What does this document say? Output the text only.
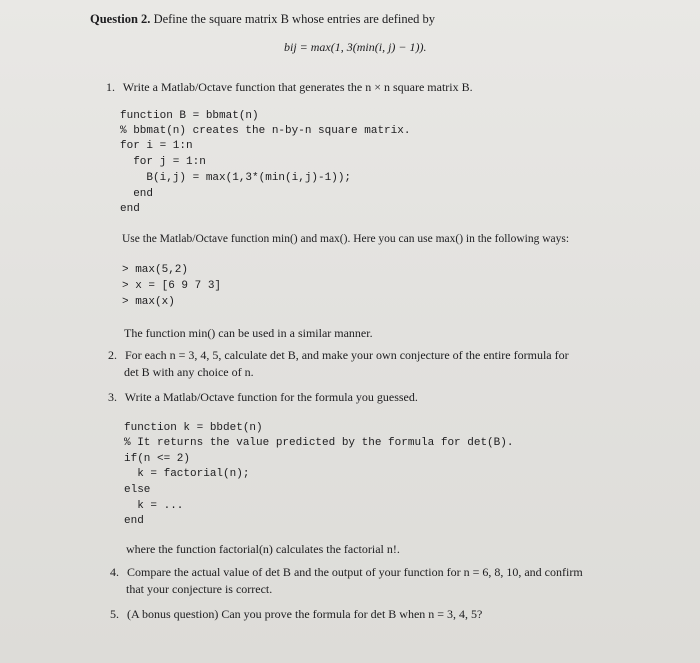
Question 2. Define the square matrix B whose entries are defined by
bij = max(1, 3(min(i, j) − 1)).
1. Write a Matlab/Octave function that generates the n × n square matrix B.
function B = bbmat(n)
% bbmat(n) creates the n-by-n square matrix.
for i = 1:n
for j = 1:n
B(i,j) = max(1,3*(min(i,j)-1));
end
end
Use the Matlab/Octave function min() and max(). Here you can use max() in the following ways:
> max(5,2)
> x = [6 9 7 3]
> max(x)
The function min() can be used in a similar manner.
2. For each n = 3, 4, 5, calculate det B, and make your own conjecture of the entire formula for
det B with any choice of n.
3. Write a Matlab/Octave function for the formula you guessed.
function k = bbdet(n)
% It returns the value predicted by the formula for det(B).
if(n <= 2)
k = factorial(n);
else
k = ...
end
where the function factorial(n) calculates the factorial n!.
4. Compare the actual value of det B and the output of your function for n = 6, 8, 10, and confirm
that your conjecture is correct.
5. (A bonus question) Can you prove the formula for det B when n = 3, 4, 5?
